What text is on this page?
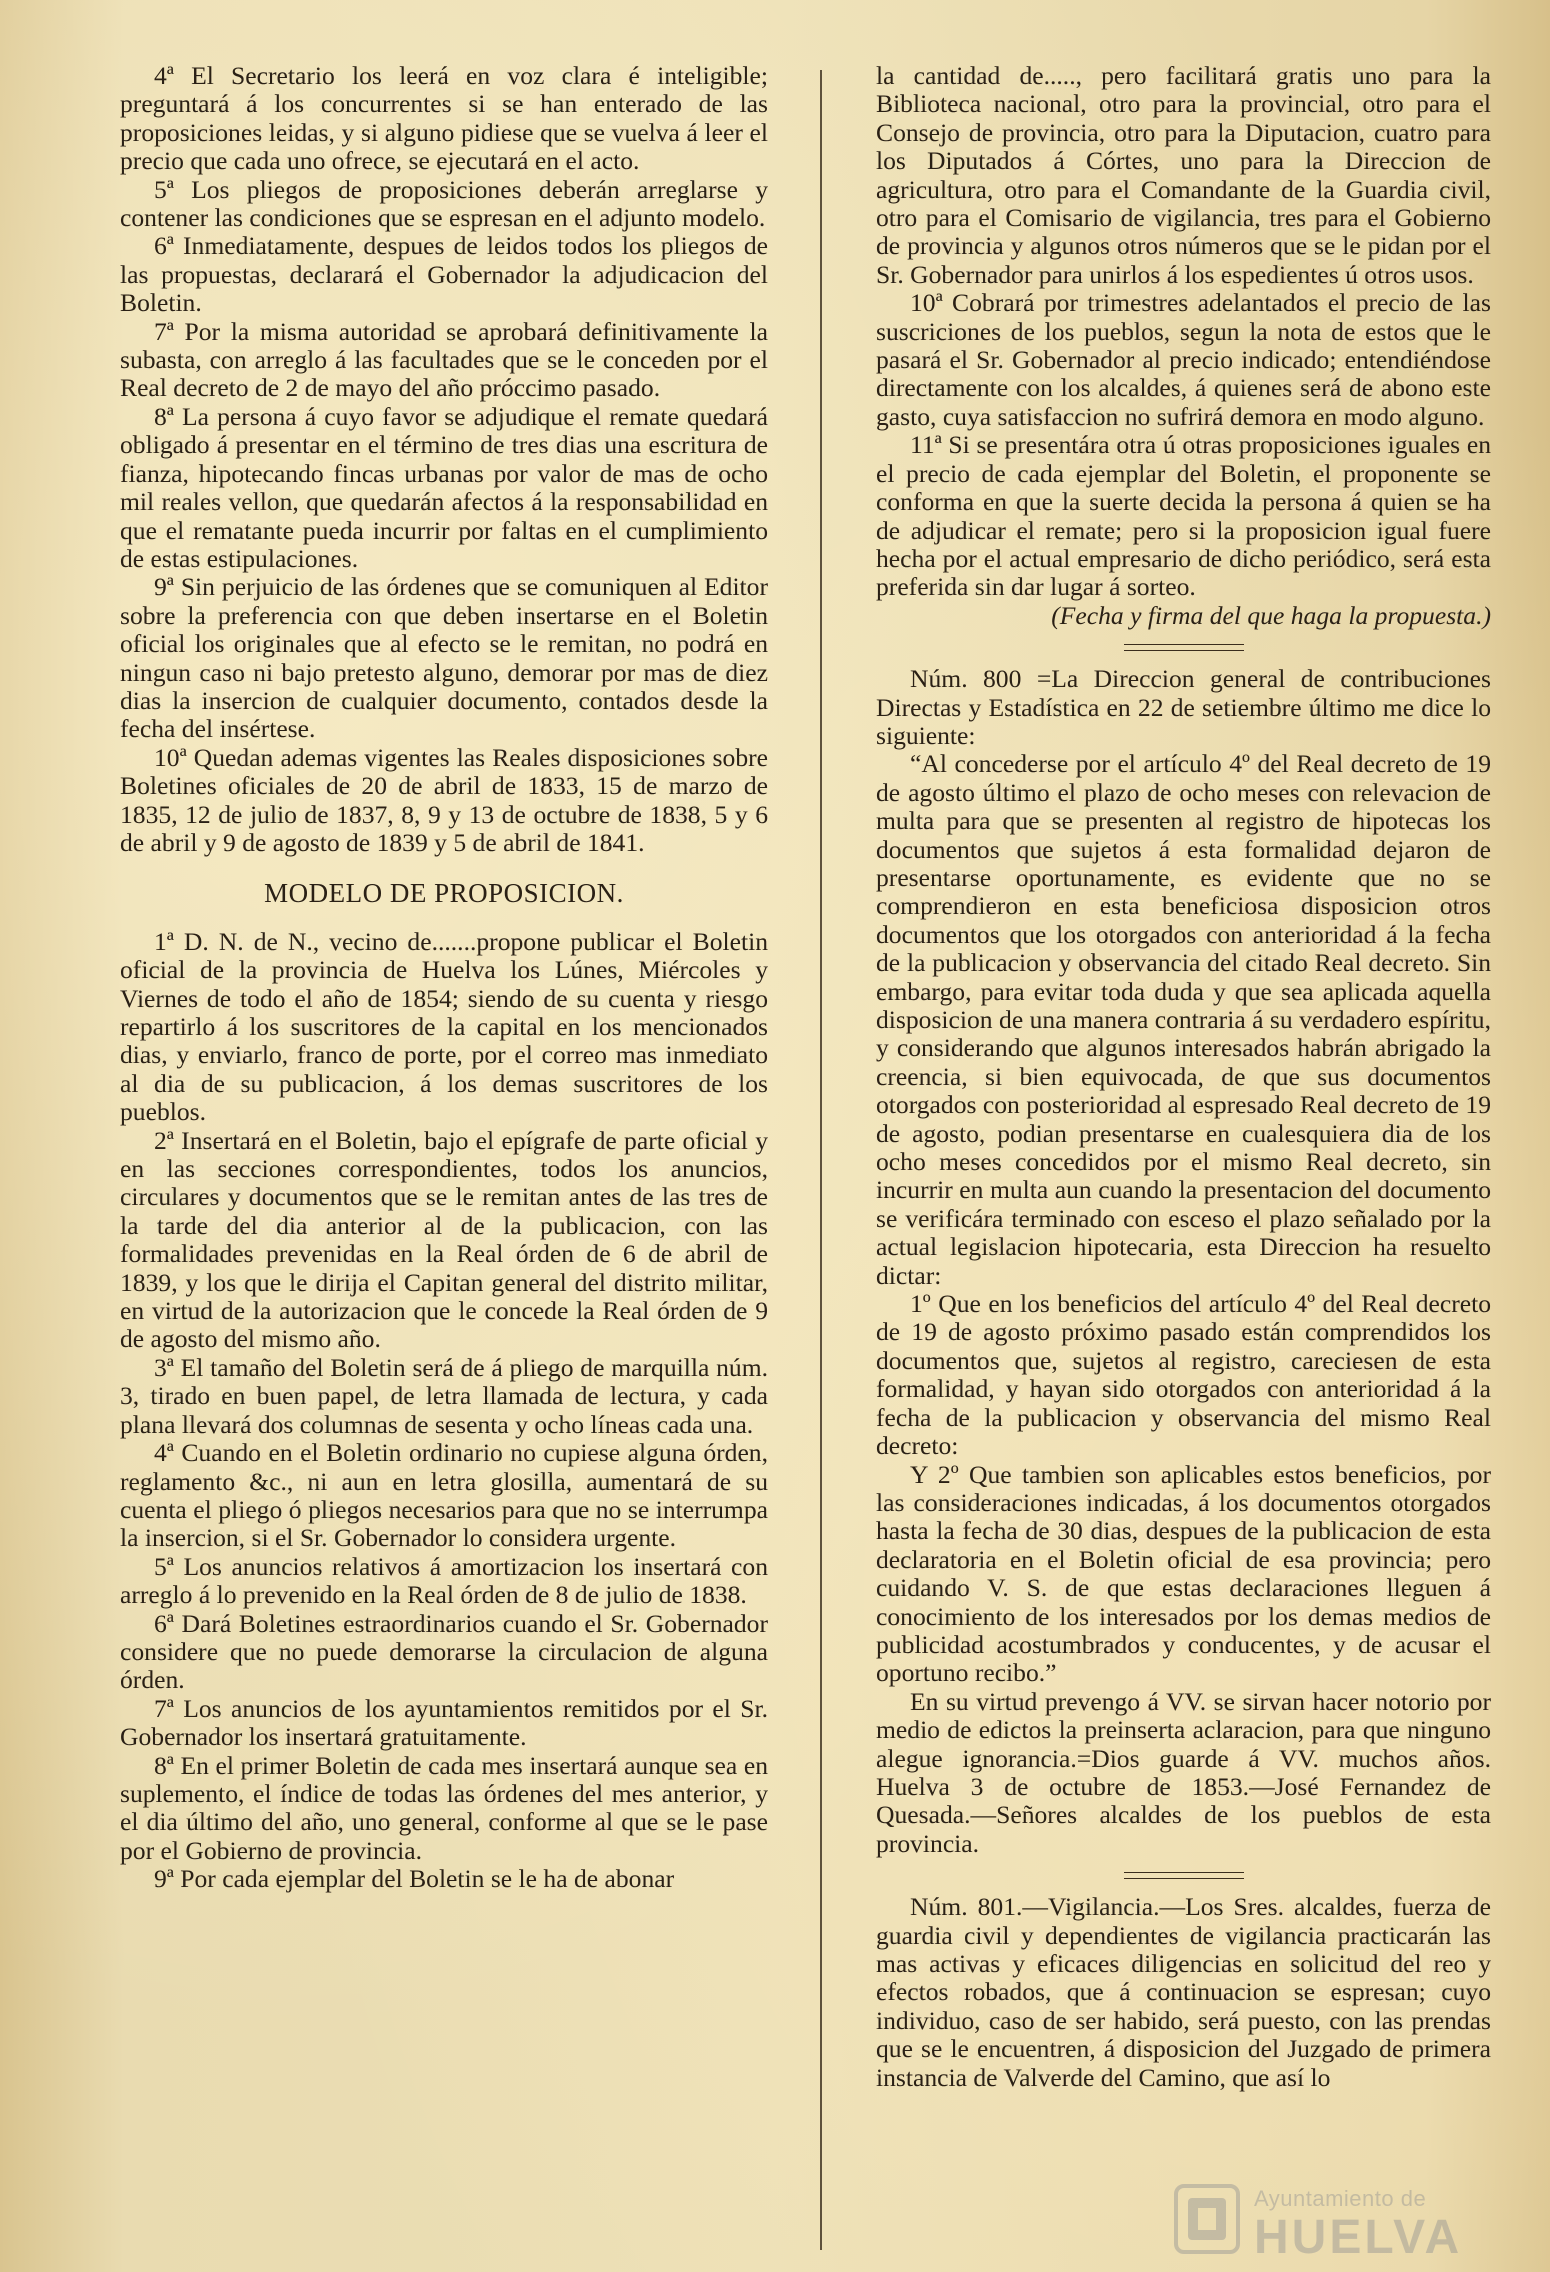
4ª El Secretario los leerá en voz clara é inteligible; preguntará á los concurrentes si se han enterado de las proposiciones leidas, y si alguno pidiese que se vuelva á leer el precio que cada uno ofrece, se ejecutará en el acto.

5ª Los pliegos de proposiciones deberán arreglarse y contener las condiciones que se espresan en el adjunto modelo.

6ª Inmediatamente, despues de leidos todos los pliegos de las propuestas, declarará el Gobernador la adjudicacion del Boletin.

7ª Por la misma autoridad se aprobará definitivamente la subasta, con arreglo á las facultades que se le conceden por el Real decreto de 2 de mayo del año próccimo pasado.

8ª La persona á cuyo favor se adjudique el remate quedará obligado á presentar en el término de tres dias una escritura de fianza, hipotecando fincas urbanas por valor de mas de ocho mil reales vellon, que quedarán afectos á la responsabilidad en que el rematante pueda incurrir por faltas en el cumplimiento de estas estipulaciones.

9ª Sin perjuicio de las órdenes que se comuniquen al Editor sobre la preferencia con que deben insertarse en el Boletin oficial los originales que al efecto se le remitan, no podrá en ningun caso ni bajo pretesto alguno, demorar por mas de diez dias la insercion de cualquier documento, contados desde la fecha del insértese.

10ª Quedan ademas vigentes las Reales disposiciones sobre Boletines oficiales de 20 de abril de 1833, 15 de marzo de 1835, 12 de julio de 1837, 8, 9 y 13 de octubre de 1838, 5 y 6 de abril y 9 de agosto de 1839 y 5 de abril de 1841.

MODELO DE PROPOSICION.

1ª D. N. de N., vecino de.......propone publicar el Boletin oficial de la provincia de Huelva los Lúnes, Miércoles y Viernes de todo el año de 1854; siendo de su cuenta y riesgo repartirlo á los suscritores de la capital en los mencionados dias, y enviarlo, franco de porte, por el correo mas inmediato al dia de su publicacion, á los demas suscritores de los pueblos.

2ª Insertará en el Boletin, bajo el epígrafe de parte oficial y en las secciones correspondientes, todos los anuncios, circulares y documentos que se le remitan antes de las tres de la tarde del dia anterior al de la publicacion, con las formalidades prevenidas en la Real órden de 6 de abril de 1839, y los que le dirija el Capitan general del distrito militar, en virtud de la autorizacion que le concede la Real órden de 9 de agosto del mismo año.

3ª El tamaño del Boletin será de á pliego de marquilla núm. 3, tirado en buen papel, de letra llamada de lectura, y cada plana llevará dos columnas de sesenta y ocho líneas cada una.

4ª Cuando en el Boletin ordinario no cupiese alguna órden, reglamento &c., ni aun en letra glosilla, aumentará de su cuenta el pliego ó pliegos necesarios para que no se interrumpa la insercion, si el Sr. Gobernador lo considera urgente.

5ª Los anuncios relativos á amortizacion los insertará con arreglo á lo prevenido en la Real órden de 8 de julio de 1838.

6ª Dará Boletines estraordinarios cuando el Sr. Gobernador considere que no puede demorarse la circulacion de alguna órden.

7ª Los anuncios de los ayuntamientos remitidos por el Sr. Gobernador los insertará gratuitamente.

8ª En el primer Boletin de cada mes insertará aunque sea en suplemento, el índice de todas las órdenes del mes anterior, y el dia último del año, uno general, conforme al que se le pase por el Gobierno de provincia.

9ª Por cada ejemplar del Boletin se le ha de abonar

la cantidad de....., pero facilitará gratis uno para la Biblioteca nacional, otro para la provincial, otro para el Consejo de provincia, otro para la Diputacion, cuatro para los Diputados á Córtes, uno para la Direccion de agricultura, otro para el Comandante de la Guardia civil, otro para el Comisario de vigilancia, tres para el Gobierno de provincia y algunos otros números que se le pidan por el Sr. Gobernador para unirlos á los espedientes ú otros usos.

10ª Cobrará por trimestres adelantados el precio de las suscriciones de los pueblos, segun la nota de estos que le pasará el Sr. Gobernador al precio indicado; entendiéndose directamente con los alcaldes, á quienes será de abono este gasto, cuya satisfaccion no sufrirá demora en modo alguno.

11ª Si se presentára otra ú otras proposiciones iguales en el precio de cada ejemplar del Boletin, el proponente se conforma en que la suerte decida la persona á quien se ha de adjudicar el remate; pero si la proposicion igual fuere hecha por el actual empresario de dicho periódico, será esta preferida sin dar lugar á sorteo.

(Fecha y firma del que haga la propuesta.)

Núm. 800 =La Direccion general de contribuciones Directas y Estadística en 22 de setiembre último me dice lo siguiente:

“Al concederse por el artículo 4º del Real decreto de 19 de agosto último el plazo de ocho meses con relevacion de multa para que se presenten al registro de hipotecas los documentos que sujetos á esta formalidad dejaron de presentarse oportunamente, es evidente que no se comprendieron en esta beneficiosa disposicion otros documentos que los otorgados con anterioridad á la fecha de la publicacion y observancia del citado Real decreto. Sin embargo, para evitar toda duda y que sea aplicada aquella disposicion de una manera contraria á su verdadero espíritu, y considerando que algunos interesados habrán abrigado la creencia, si bien equivocada, de que sus documentos otorgados con posterioridad al espresado Real decreto de 19 de agosto, podian presentarse en cualesquiera dia de los ocho meses concedidos por el mismo Real decreto, sin incurrir en multa aun cuando la presentacion del documento se verificára terminado con esceso el plazo señalado por la actual legislacion hipotecaria, esta Direccion ha resuelto dictar:

1º Que en los beneficios del artículo 4º del Real decreto de 19 de agosto próximo pasado están comprendidos los documentos que, sujetos al registro, careciesen de esta formalidad, y hayan sido otorgados con anterioridad á la fecha de la publicacion y observancia del mismo Real decreto:

Y 2º Que tambien son aplicables estos beneficios, por las consideraciones indicadas, á los documentos otorgados hasta la fecha de 30 dias, despues de la publicacion de esta declaratoria en el Boletin oficial de esa provincia; pero cuidando V. S. de que estas declaraciones lleguen á conocimiento de los interesados por los demas medios de publicidad acostumbrados y conducentes, y de acusar el oportuno recibo.”

En su virtud prevengo á VV. se sirvan hacer notorio por medio de edictos la preinserta aclaracion, para que ninguno alegue ignorancia.=Dios guarde á VV. muchos años. Huelva 3 de octubre de 1853.—José Fernandez de Quesada.—Señores alcaldes de los pueblos de esta provincia.

Núm. 801.—Vigilancia.—Los Sres. alcaldes, fuerza de guardia civil y dependientes de vigilancia practicarán las mas activas y eficaces diligencias en solicitud del reo y efectos robados, que á continuacion se espresan; cuyo individuo, caso de ser habido, será puesto, con las prendas que se le encuentren, á disposicion del Juzgado de primera instancia de Valverde del Camino, que así lo

Ayuntamiento de
HUELVA
